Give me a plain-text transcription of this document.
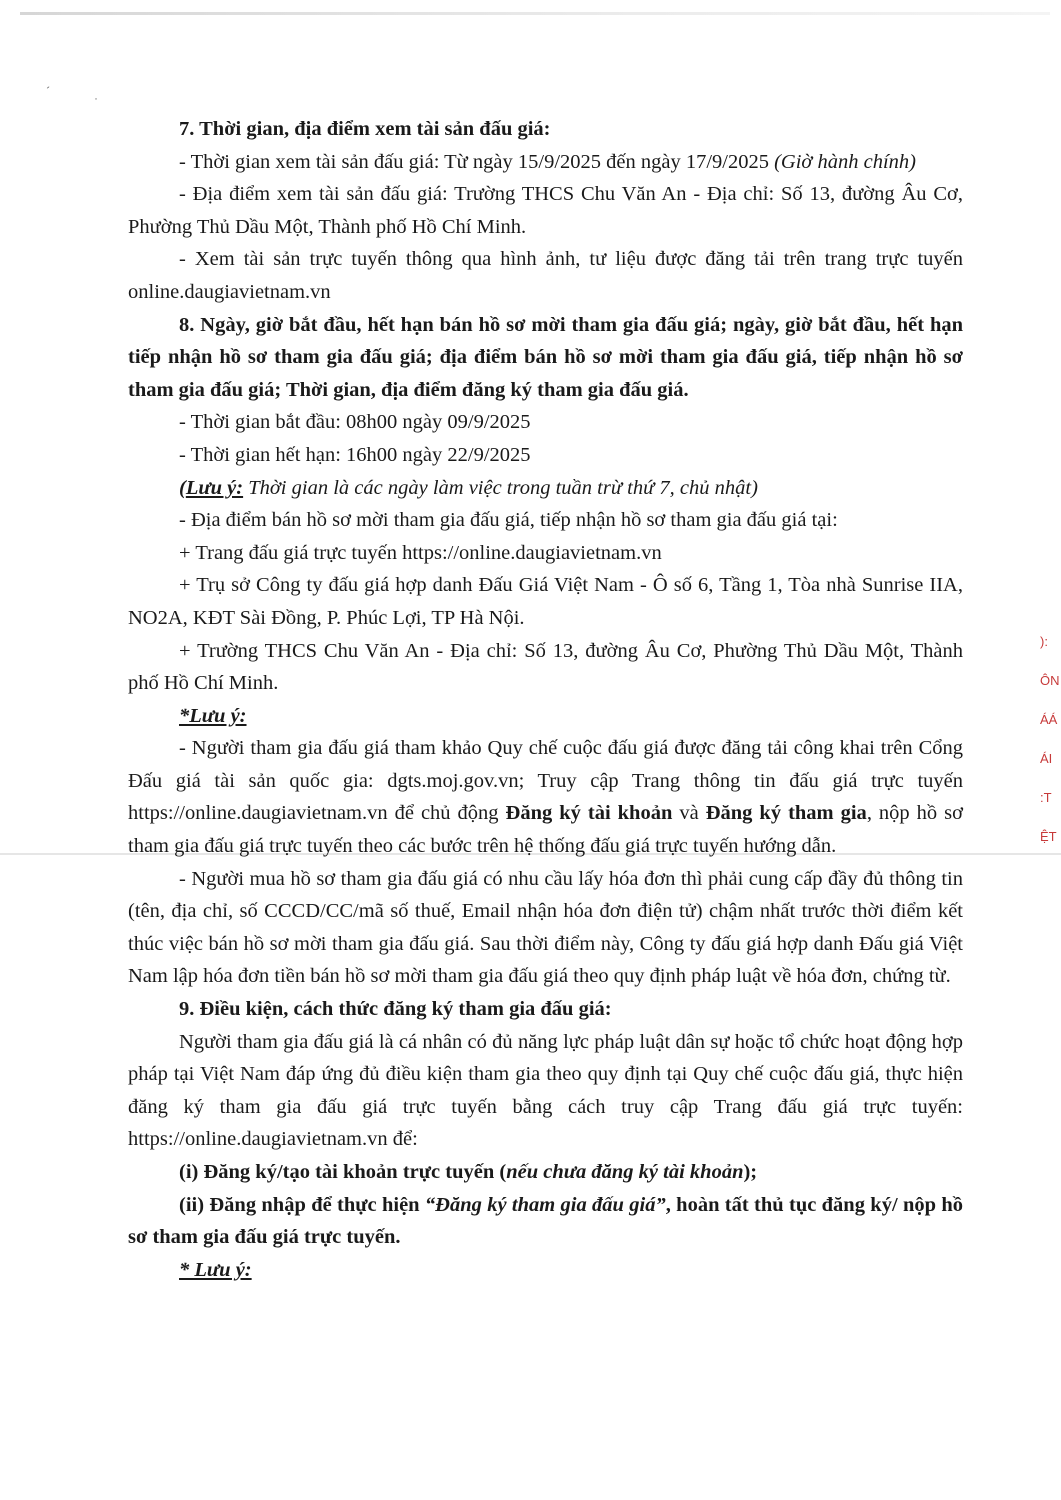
ˊ
˙
):
ÔN
ÁÁ
ÁI
:T
ỆT

7. Thời gian, địa điểm xem tài sản đấu giá:

- Thời gian xem tài sản đấu giá: Từ ngày 15/9/2025 đến ngày 17/9/2025 (Giờ hành chính)

- Địa điểm xem tài sản đấu giá: Trường THCS Chu Văn An - Địa chỉ: Số 13, đường Âu Cơ, Phường Thủ Dầu Một, Thành phố Hồ Chí Minh.

- Xem tài sản trực tuyến thông qua hình ảnh, tư liệu được đăng tải trên trang trực tuyến online.daugiavietnam.vn

8. Ngày, giờ bắt đầu, hết hạn bán hồ sơ mời tham gia đấu giá; ngày, giờ bắt đầu, hết hạn tiếp nhận hồ sơ tham gia đấu giá; địa điểm bán hồ sơ mời tham gia đấu giá, tiếp nhận hồ sơ tham gia đấu giá; Thời gian, địa điểm đăng ký tham gia đấu giá.

- Thời gian bắt đầu: 08h00 ngày 09/9/2025

- Thời gian hết hạn: 16h00 ngày 22/9/2025

(Lưu ý: Thời gian là các ngày làm việc trong tuần trừ thứ 7, chủ nhật)

- Địa điểm bán hồ sơ mời tham gia đấu giá, tiếp nhận hồ sơ tham gia đấu giá tại:

+ Trang đấu giá trực tuyến https://online.daugiavietnam.vn

+ Trụ sở Công ty đấu giá hợp danh Đấu Giá Việt Nam - Ô số 6, Tầng 1, Tòa nhà Sunrise IIA, NO2A, KĐT Sài Đồng, P. Phúc Lợi, TP Hà Nội.

+ Trường THCS Chu Văn An - Địa chỉ: Số 13, đường Âu Cơ, Phường Thủ Dầu Một, Thành phố Hồ Chí Minh.

*Lưu ý:

- Người tham gia đấu giá tham khảo Quy chế cuộc đấu giá được đăng tải công khai trên Cổng Đấu giá tài sản quốc gia: dgts.moj.gov.vn; Truy cập Trang thông tin đấu giá trực tuyến https://online.daugiavietnam.vn để chủ động Đăng ký tài khoản và Đăng ký tham gia, nộp hồ sơ tham gia đấu giá trực tuyến theo các bước trên hệ thống đấu giá trực tuyến hướng dẫn.

- Người mua hồ sơ tham gia đấu giá có nhu cầu lấy hóa đơn thì phải cung cấp đầy đủ thông tin (tên, địa chỉ, số CCCD/CC/mã số thuế, Email nhận hóa đơn điện tử) chậm nhất trước thời điểm kết thúc việc bán hồ sơ mời tham gia đấu giá. Sau thời điểm này, Công ty đấu giá hợp danh Đấu giá Việt Nam lập hóa đơn tiền bán hồ sơ mời tham gia đấu giá theo quy định pháp luật về hóa đơn, chứng từ.

9. Điều kiện, cách thức đăng ký tham gia đấu giá:

Người tham gia đấu giá là cá nhân có đủ năng lực pháp luật dân sự hoặc tổ chức hoạt động hợp pháp tại Việt Nam đáp ứng đủ điều kiện tham gia theo quy định tại Quy chế cuộc đấu giá, thực hiện đăng ký tham gia đấu giá trực tuyến bằng cách truy cập Trang đấu giá trực tuyến: https://online.daugiavietnam.vn để:

(i) Đăng ký/tạo tài khoản trực tuyến (nếu chưa đăng ký tài khoản);

(ii) Đăng nhập để thực hiện “Đăng ký tham gia đấu giá”, hoàn tất thủ tục đăng ký/ nộp hồ sơ tham gia đấu giá trực tuyến.

* Lưu ý:
